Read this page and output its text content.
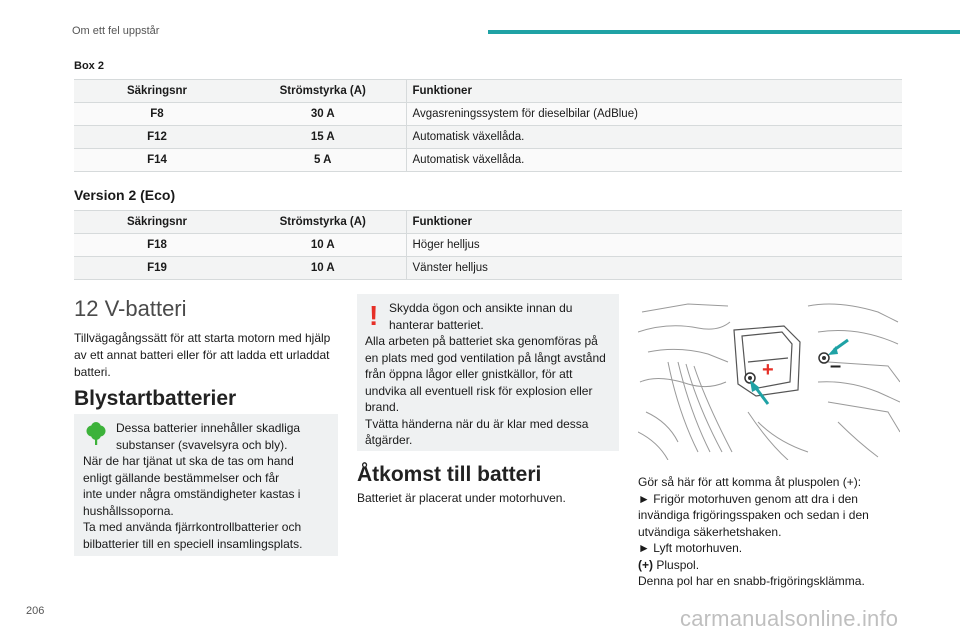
Om ett fel uppstår
Box 2
Säkringsnr	Strömstyrka (A)	Funktioner
F8	30 A	Avgasreningssystem för dieselbilar (AdBlue)
F12	15 A	Automatisk växellåda.
F14	5 A	Automatisk växellåda.
Version 2 (Eco)
Säkringsnr	Strömstyrka (A)	Funktioner
F18	10 A	Höger helljus
F19	10 A	Vänster helljus
12 V-batteri
Tillvägagångssätt för att starta motorn med hjälp av ett annat batteri eller för att ladda ett urladdat batteri.
Blystartbatterier
Dessa batterier innehåller skadliga
substanser (svavelsyra och bly).
När de har tjänat ut ska de tas om hand
enligt gällande bestämmelser och får
inte under några omständigheter kastas i
hushållssoporna.
Ta med använda fjärrkontrollbatterier och
bilbatterier till en speciell insamlingsplats.
! Skydda ögon och ansikte innan du
hanterar batteriet.
Alla arbeten på batteriet ska genomföras på
en plats med god ventilation på långt avstånd
från öppna lågor eller gnistkällor, för att
undvika all eventuell risk för explosion eller
brand.
Tvätta händerna när du är klar med dessa
åtgärder.
Åtkomst till batteri
Batteriet är placerat under motorhuven.
+	–
Gör så här för att komma åt pluspolen (+):
► Frigör motorhuven genom att dra i den
invändiga frigöringsspaken och sedan i den
utvändiga säkerhetshaken.
► Lyft motorhuven.
(+) Pluspol.
Denna pol har en snabb-frigöringsklämma.
206	carmanualsonline.info
